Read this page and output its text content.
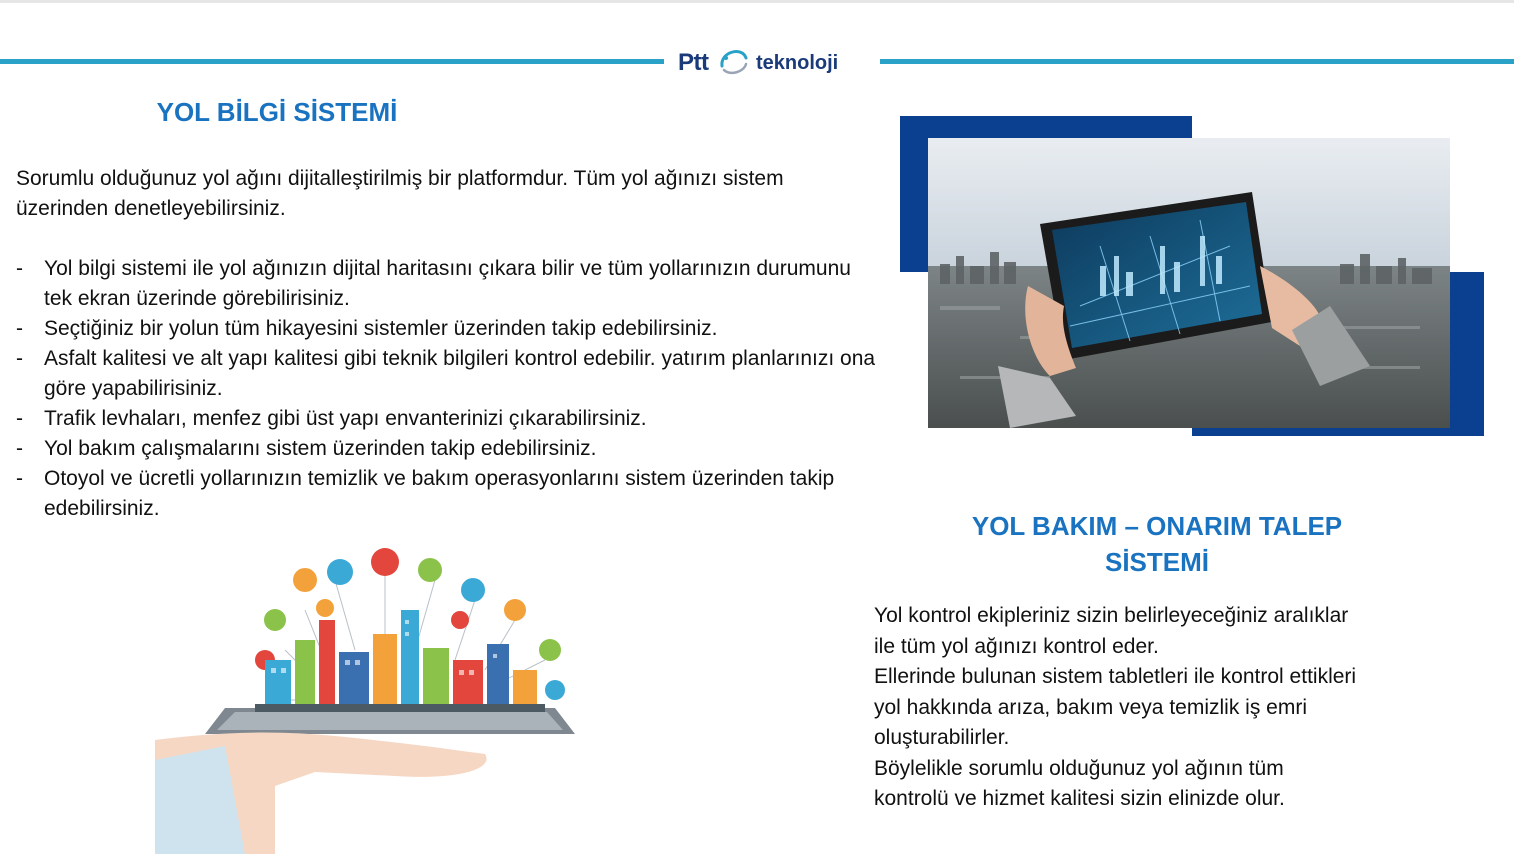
Ptt teknoloji
YOL BİLGİ SİSTEMİ

Sorumlu olduğunuz yol ağını dijitalleştirilmiş bir platformdur. Tüm yol ağınızı sistem üzerinden denetleyebilirsiniz.

- Yol bilgi sistemi ile yol ağınızın dijital haritasını çıkara bilir ve tüm yollarınızın durumunu tek ekran üzerinde görebilirisiniz.
- Seçtiğiniz bir yolun tüm hikayesini sistemler üzerinden takip edebilirsiniz.
- Asfalt kalitesi ve alt yapı kalitesi gibi teknik bilgileri kontrol edebilir. yatırım planlarınızı ona göre yapabilirisiniz.
- Trafik levhaları, menfez gibi üst yapı envanterinizi çıkarabilirsiniz.
- Yol bakım çalışmalarını sistem üzerinden takip edebilirsiniz.
- Otoyol ve ücretli yollarınızın temizlik ve bakım operasyonlarını sistem üzerinden takip edebilirsiniz.
YOL BAKIM – ONARIM TALEP
SİSTEMİ
Yol kontrol ekipleriniz sizin belirleyeceğiniz aralıklar
ile tüm yol ağınızı kontrol eder.
Ellerinde bulunan sistem tabletleri ile kontrol ettikleri
yol hakkında arıza, bakım veya temizlik iş emri
oluşturabilirler.
Böylelikle sorumlu olduğunuz yol ağının tüm
kontrolü ve hizmet kalitesi sizin elinizde olur.
